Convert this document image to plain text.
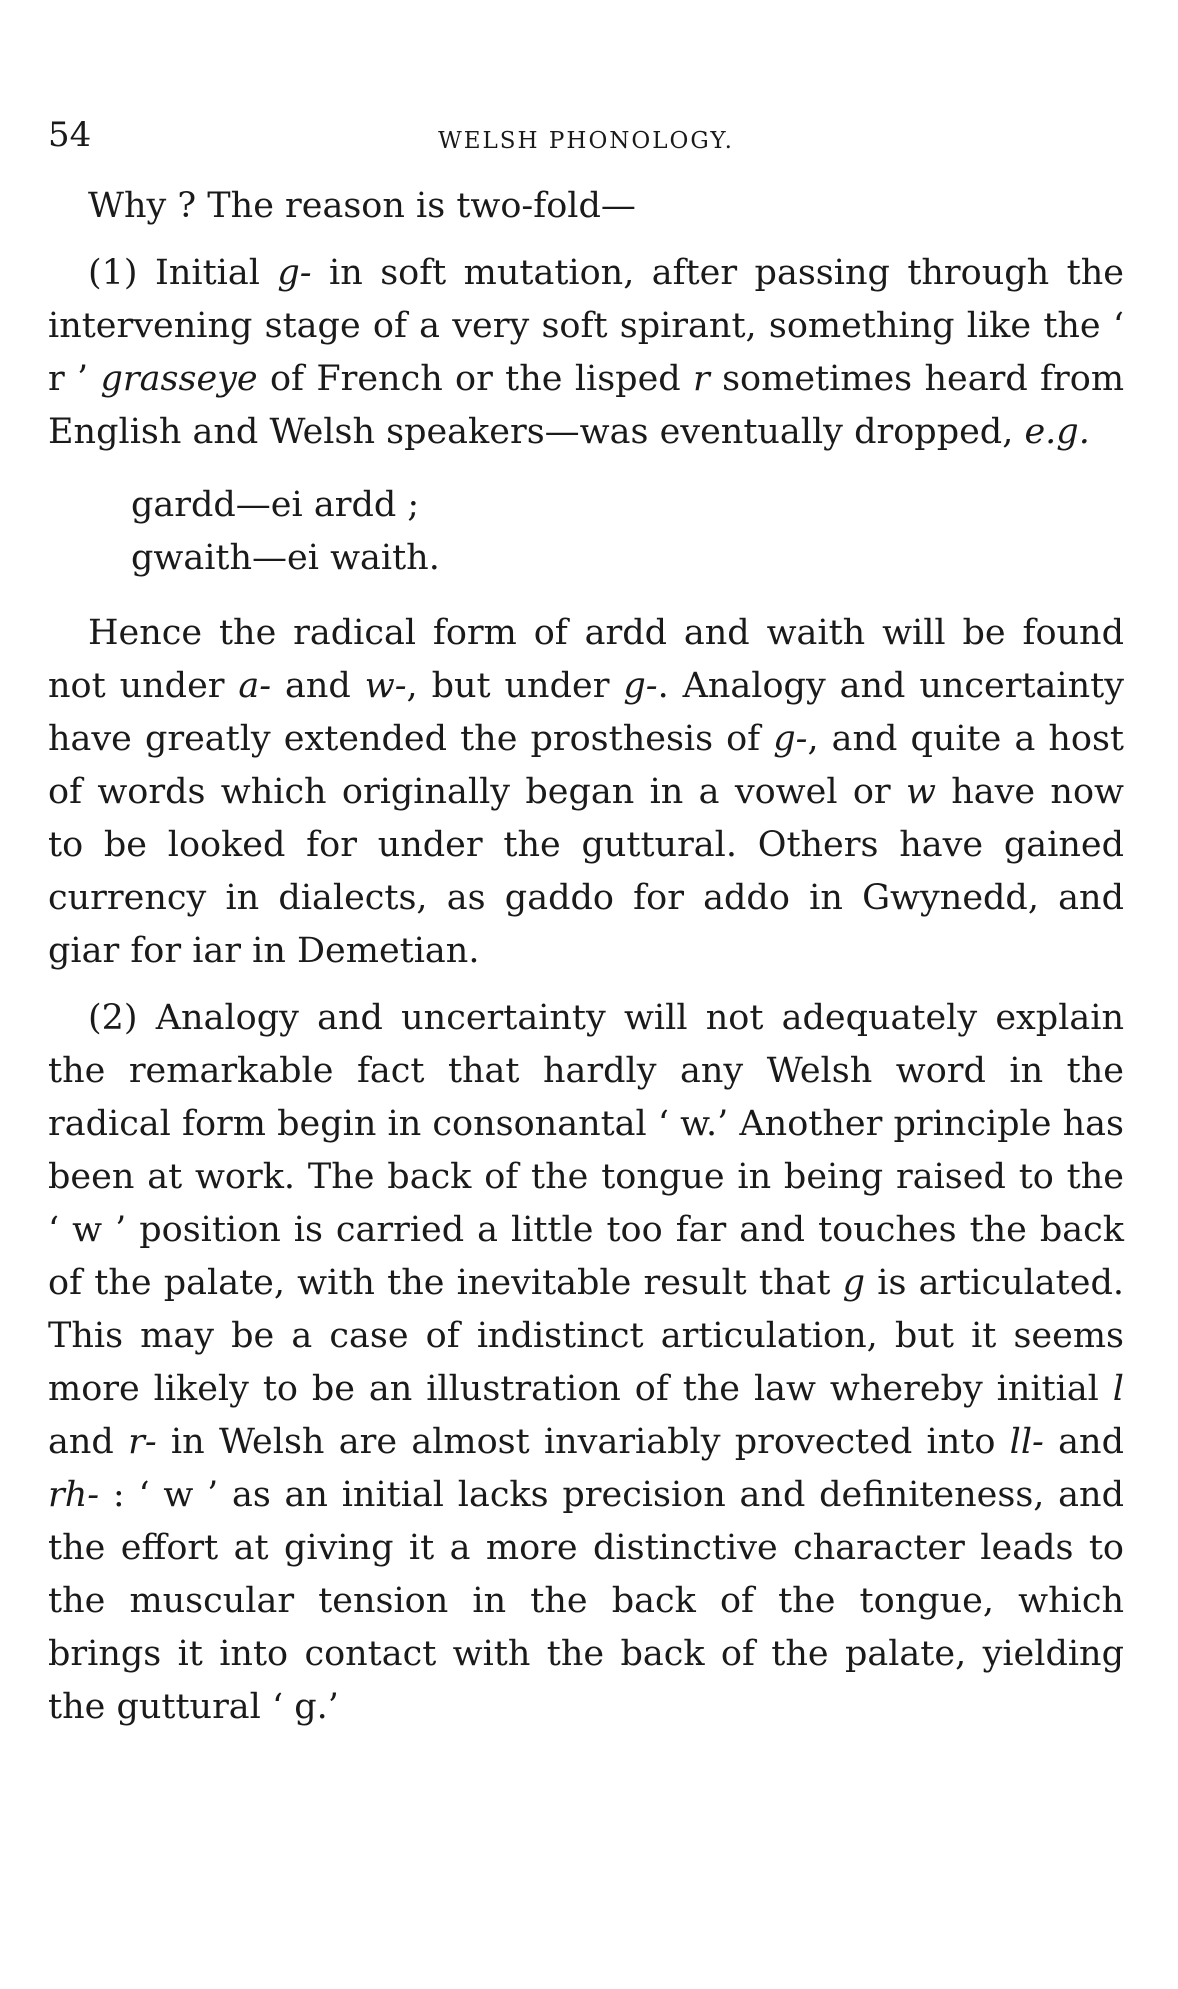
54	WELSH PHONOLOGY.

Why ? The reason is two-fold—

(1) Initial g- in soft mutation, after passing through the intervening stage of a very soft spirant, something like the ‘ r ’ grasseye of French or the lisped r sometimes heard from English and Welsh speakers—was eventually dropped, e.g.

gardd—ei ardd ;
gwaith—ei waith.

Hence the radical form of ardd and waith will be found not under a- and w-, but under g-. Analogy and uncertainty have greatly extended the prosthesis of g-, and quite a host of words which originally began in a vowel or w have now to be looked for under the guttural. Others have gained currency in dialects, as gaddo for addo in Gwynedd, and giar for iar in Demetian.

(2) Analogy and uncertainty will not adequately explain the remarkable fact that hardly any Welsh word in the radical form begin in consonantal ‘ w.’ Another principle has been at work. The back of the tongue in being raised to the ‘ w ’ position is carried a little too far and touches the back of the palate, with the inevitable result that g is articulated. This may be a case of indistinct articulation, but it seems more likely to be an illustration of the law whereby initial l and r- in Welsh are almost invariably provected into ll- and rh- : ‘ w ’ as an initial lacks precision and definiteness, and the effort at giving it a more distinctive character leads to the muscular tension in the back of the tongue, which brings it into contact with the back of the palate, yielding the guttural ‘ g.’
